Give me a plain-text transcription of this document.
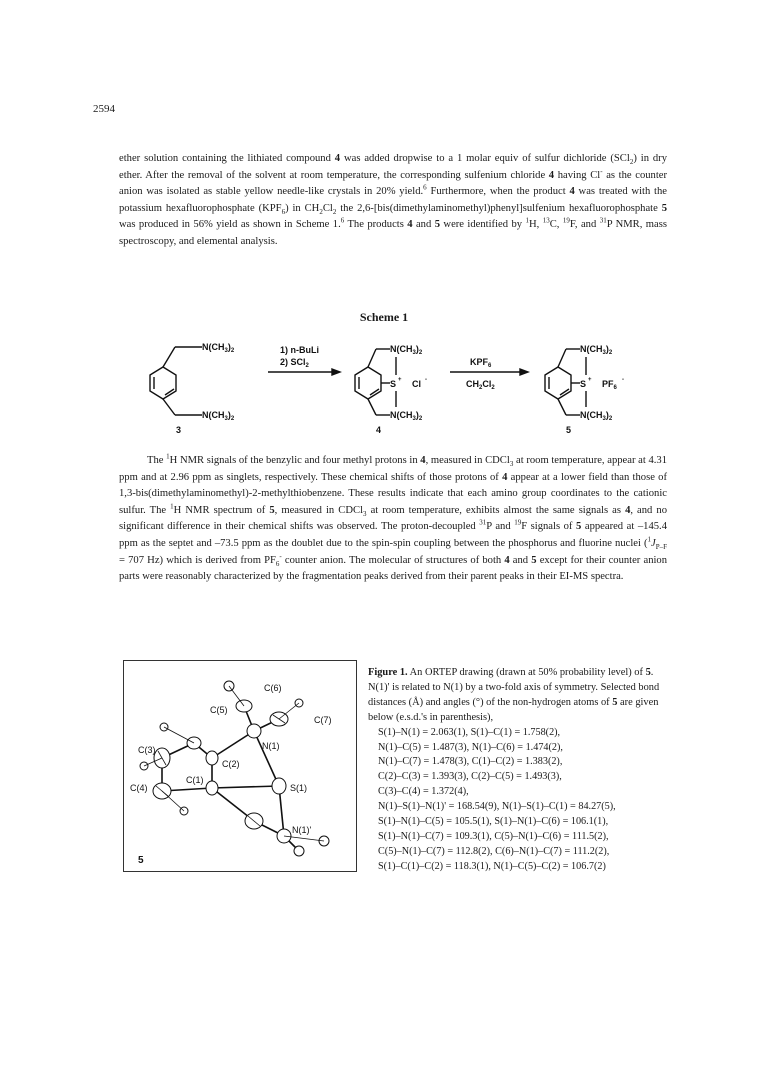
2594

ether solution containing the lithiated compound 4 was added dropwise to a 1 molar equiv of sulfur dichloride (SCl$_2$) in dry ether. After the removal of the solvent at room temperature, the corresponding sulfenium chloride 4 having Cl- as the counter anion was isolated as stable yellow needle-like crystals in 20% yield.$^6$ Furthermore, when the product 4 was treated with the potassium hexafluorophosphate $(KPF_6)$ in $CH_2Cl_2$ the 2,6-[bis(dimethylaminomethyl)phenyl]sulfenium hexafluorophosphate 5 was produced in 56% yield as shown in Scheme 1.$^6$ The products 4 and 5 were identified by $^1$H, $^{13}$C, $^{19}$F, and $^{31}$P NMR, mass spectroscopy, and elemental analysis.

Scheme 1
$N(CH_3)_2$
$N(CH_3)_2$
3
1) n-BuLi
2) SCl$_2$
$N(CH_3)_2$
S + Cl -
$N(CH_3)_2$
4
$KPF_6$
$CH_2Cl_2$
$N(CH_3)_2$
$S + PF_6$
-
$N(CH_3)_2$
5

The $^1$H NMR signals of the benzylic and four methyl protons in 4, measured in CDCl$_3$ at room temperature, appear at 4.31 ppm and at 2.96 ppm as singlets, respectively. These chemical shifts of those protons of 4 appear at a lower field than those of 1,3-bis(dimethylaminomethyl)-2-methylthiobenzene. These results indicate that each amino group coordinates to the cationic sulfur. The $^1$H NMR spectrum of 5, measured in CDCl$_3$ at room temperature, exhibits almost the same signals as 4, and no significant difference in their chemical shifts was observed. The proton-decoupled $^{31}$P and $^{19}$F signals of 5 appeared at –145.4 ppm as the septet and –73.5 ppm as the doublet due to the spin-spin coupling between the phosphorus and fluorine nuclei ($^1J_{P-F} = 707$ Hz) which is derived from $PF_6^-$ counter anion. The molecular of structures of both 4 and 5 except for their counter anion parts were reasonably characterized by the fragmentation peaks derived from their parent peaks in their EI-MS spectra.

C(6)
C(5)
C(7)
N(1)
C(3)
C(2)
C(4)
C(1)
S(1)
N(1)'
5
Figure 1. An ORTEP drawing (drawn at 50% probability level) of 5. N(1)' is related to N(1) by a two-fold axis of symmetry. Selected bond distances (Å) and angles (°) of the non-hydrogen atoms of 5 are given below (e.s.d.'s in parenthesis),
S(1)–N(1) = 2.063(1), S(1)–C(1) = 1.758(2),
N(1)–C(5) = 1.487(3), N(1)–C(6) = 1.474(2),
N(1)–C(7) = 1.478(3), C(1)–C(2) = 1.383(2),
C(2)–C(3) = 1.393(3), C(2)–C(5) = 1.493(3),
C(3)–C(4) = 1.372(4),
N(1)–S(1)–N(1)' = 168.54(9), N(1)–S(1)–C(1) = 84.27(5),
S(1)–N(1)–C(5) = 105.5(1), S(1)–N(1)–C(6) = 106.1(1),
S(1)–N(1)–C(7) = 109.3(1), C(5)–N(1)–C(6) = 111.5(2),
C(5)–N(1)–C(7) = 112.8(2), C(6)–N(1)–C(7) = 111.2(2),
S(1)–C(1)–C(2) = 118.3(1), N(1)–C(5)–C(2) = 106.7(2)
